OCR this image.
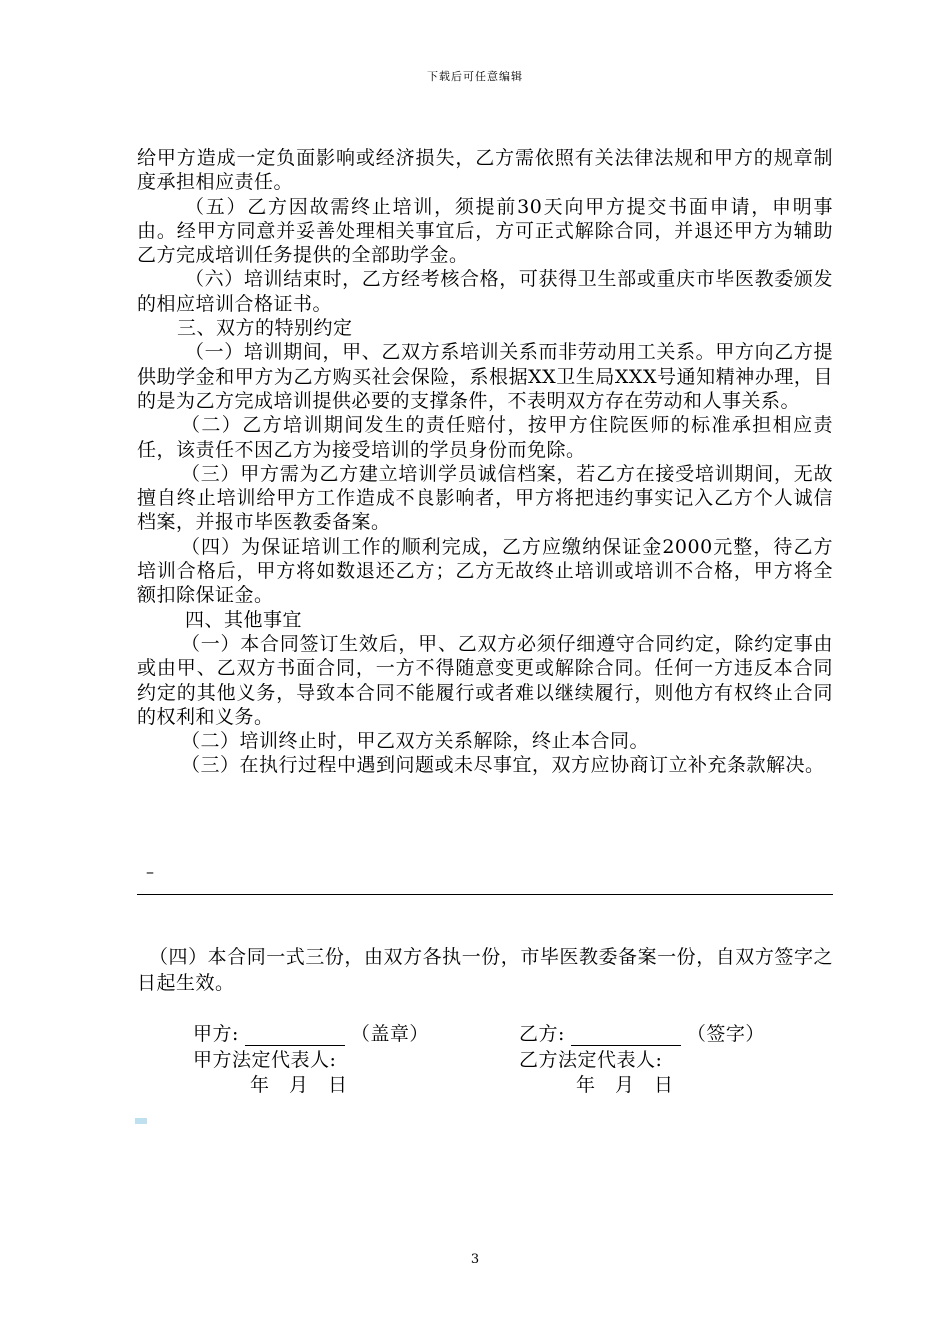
下载后可任意编辑

给甲方造成一定负面影响或经济损失，乙方需依照有关法律法规和甲方的规章制度承担相应责任。

（五）乙方因故需终止培训，须提前30天向甲方提交书面申请，申明事由。经甲方同意并妥善处理相关事宜后，方可正式解除合同，并退还甲方为辅助乙方完成培训任务提供的全部助学金。

（六）培训结束时，乙方经考核合格，可获得卫生部或重庆市毕医教委颁发的相应培训合格证书。

三、双方的特别约定

（一）培训期间，甲、乙双方系培训关系而非劳动用工关系。甲方向乙方提供助学金和甲方为乙方购买社会保险，系根据XX卫生局XXX号通知精神办理，目的是为乙方完成培训提供必要的支撑条件，不表明双方存在劳动和人事关系。

（二）乙方培训期间发生的责任赔付，按甲方住院医师的标准承担相应责任，该责任不因乙方为接受培训的学员身份而免除。

（三）甲方需为乙方建立培训学员诚信档案，若乙方在接受培训期间，无故擅自终止培训给甲方工作造成不良影响者，甲方将把违约事实记入乙方个人诚信档案，并报市毕医教委备案。

（四）为保证培训工作的顺利完成，乙方应缴纳保证金2000元整，待乙方培训合格后，甲方将如数退还乙方；乙方无故终止培训或培训不合格，甲方将全额扣除保证金。

四、其他事宜

（一）本合同签订生效后，甲、乙双方必须仔细遵守合同约定，除约定事由或由甲、乙双方书面合同，一方不得随意变更或解除合同。任何一方违反本合同约定的其他义务，导致本合同不能履行或者难以继续履行，则他方有权终止合同的权利和义务。

（二）培训终止时，甲乙双方关系解除，终止本合同。

（三）在执行过程中遇到问题或未尽事宜，双方应协商订立补充条款解决。

–

（四）本合同一式三份，由双方各执一份，市毕医教委备案一份，自双方签字之日起生效。

甲方:	（盖章）
甲方法定代表人:
年　月　日
乙方:	（签字）
乙方法定代表人:
年　月　日
3
